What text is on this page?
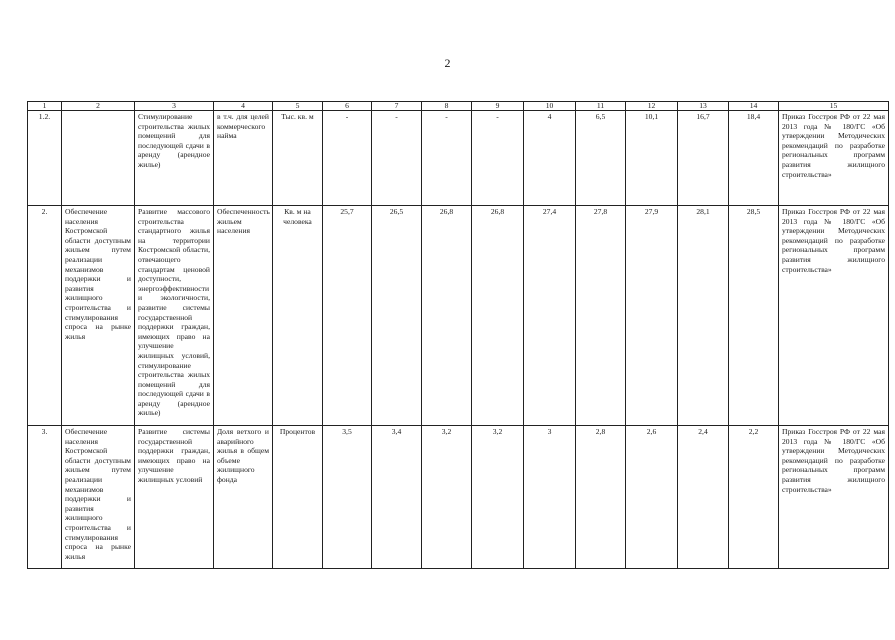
2
1	2	3	4	5	6	7	8	9	10	11	12	13	14	15
1.2.		Стимулирование строительства жилых помещений для последующей сдачи в аренду (арендное жилье)	в т.ч. для целей коммерческого найма	Тыс. кв. м	-	-	-	-	4	6,5	10,1	16,7	18,4	Приказ Госстроя РФ от 22 мая 2013 года № 180/ГС «Об утверждении Методических рекомендаций по разработке региональных программ развития жилищного строительства»
2.	Обеспечение населения Костромской области доступным жильем путем реализации механизмов поддержки и развития жилищного строительства и стимулирования спроса на рынке жилья	Развитие массового строительства стандартного жилья на территории Костромской области, отвечающего стандартам ценовой доступности, энергоэффективности и экологичности, развитие системы государственной поддержки граждан, имеющих право на улучшение жилищных условий, стимулирование строительства жилых помещений для последующей сдачи в аренду (арендное жилье)	Обеспеченность жильем населения	Кв. м на человека	25,7	26,5	26,8	26,8	27,4	27,8	27,9	28,1	28,5	Приказ Госстроя РФ от 22 мая 2013 года № 180/ГС «Об утверждении Методических рекомендаций по разработке региональных программ развития жилищного строительства»
3.	Обеспечение населения Костромской области доступным жильем путем реализации механизмов поддержки и развития жилищного строительства и стимулирования спроса на рынке жилья	Развитие системы государственной поддержки граждан, имеющих право на улучшение жилищных условий	Доля ветхого и аварийного жилья в общем объеме жилищного фонда	Процентов	3,5	3,4	3,2	3,2	3	2,8	2,6	2,4	2,2	Приказ Госстроя РФ от 22 мая 2013 года № 180/ГС «Об утверждении Методических рекомендаций по разработке региональных программ развития жилищного строительства»
